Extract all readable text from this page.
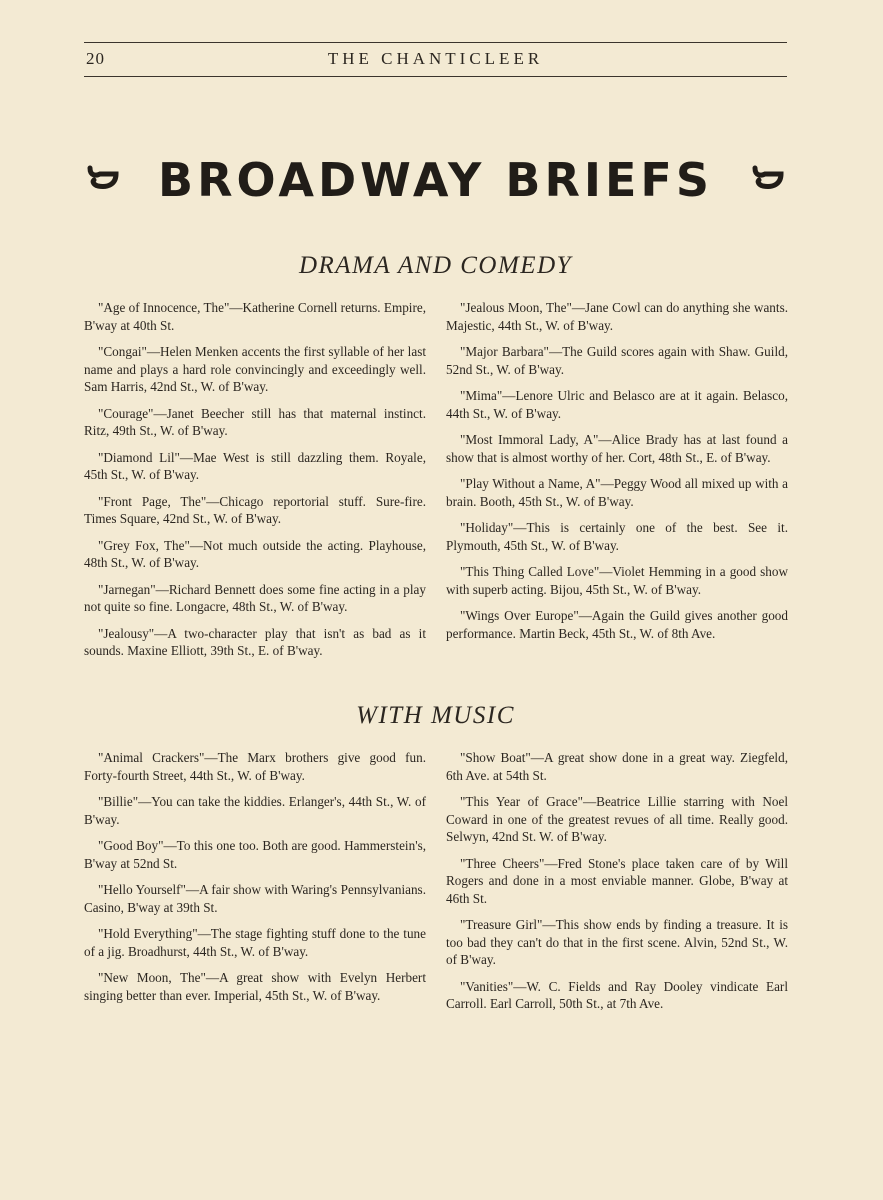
20	THE CHANTICLEER
BROADWAY BRIEFS
DRAMA AND COMEDY

"Age of Innocence, The"—Katherine Cornell returns. Empire, B'way at 40th St.

"Congai"—Helen Menken accents the first syllable of her last name and plays a hard role convincingly and exceedingly well. Sam Harris, 42nd St., W. of B'way.

"Courage"—Janet Beecher still has that maternal instinct. Ritz, 49th St., W. of B'way.

"Diamond Lil"—Mae West is still dazzling them. Royale, 45th St., W. of B'way.

"Front Page, The"—Chicago reportorial stuff. Sure-fire. Times Square, 42nd St., W. of B'way.

"Grey Fox, The"—Not much outside the acting. Playhouse, 48th St., W. of B'way.

"Jarnegan"—Richard Bennett does some fine acting in a play not quite so fine. Longacre, 48th St., W. of B'way.

"Jealousy"—A two-character play that isn't as bad as it sounds. Maxine Elliott, 39th St., E. of B'way.

"Jealous Moon, The"—Jane Cowl can do anything she wants. Majestic, 44th St., W. of B'way.

"Major Barbara"—The Guild scores again with Shaw. Guild, 52nd St., W. of B'way.

"Mima"—Lenore Ulric and Belasco are at it again. Belasco, 44th St., W. of B'way.

"Most Immoral Lady, A"—Alice Brady has at last found a show that is almost worthy of her. Cort, 48th St., E. of B'way.

"Play Without a Name, A"—Peggy Wood all mixed up with a brain. Booth, 45th St., W. of B'way.

"Holiday"—This is certainly one of the best. See it. Plymouth, 45th St., W. of B'way.

"This Thing Called Love"—Violet Hemming in a good show with superb acting. Bijou, 45th St., W. of B'way.

"Wings Over Europe"—Again the Guild gives another good performance. Martin Beck, 45th St., W. of 8th Ave.

WITH MUSIC

"Animal Crackers"—The Marx brothers give good fun. Forty-fourth Street, 44th St., W. of B'way.

"Billie"—You can take the kiddies. Erlanger's, 44th St., W. of B'way.

"Good Boy"—To this one too. Both are good. Hammerstein's, B'way at 52nd St.

"Hello Yourself"—A fair show with Waring's Pennsylvanians. Casino, B'way at 39th St.

"Hold Everything"—The stage fighting stuff done to the tune of a jig. Broadhurst, 44th St., W. of B'way.

"New Moon, The"—A great show with Evelyn Herbert singing better than ever. Imperial, 45th St., W. of B'way.

"Show Boat"—A great show done in a great way. Ziegfeld, 6th Ave. at 54th St.

"This Year of Grace"—Beatrice Lillie starring with Noel Coward in one of the greatest revues of all time. Really good. Selwyn, 42nd St. W. of B'way.

"Three Cheers"—Fred Stone's place taken care of by Will Rogers and done in a most enviable manner. Globe, B'way at 46th St.

"Treasure Girl"—This show ends by finding a treasure. It is too bad they can't do that in the first scene. Alvin, 52nd St., W. of B'way.

"Vanities"—W. C. Fields and Ray Dooley vindicate Earl Carroll. Earl Carroll, 50th St., at 7th Ave.
